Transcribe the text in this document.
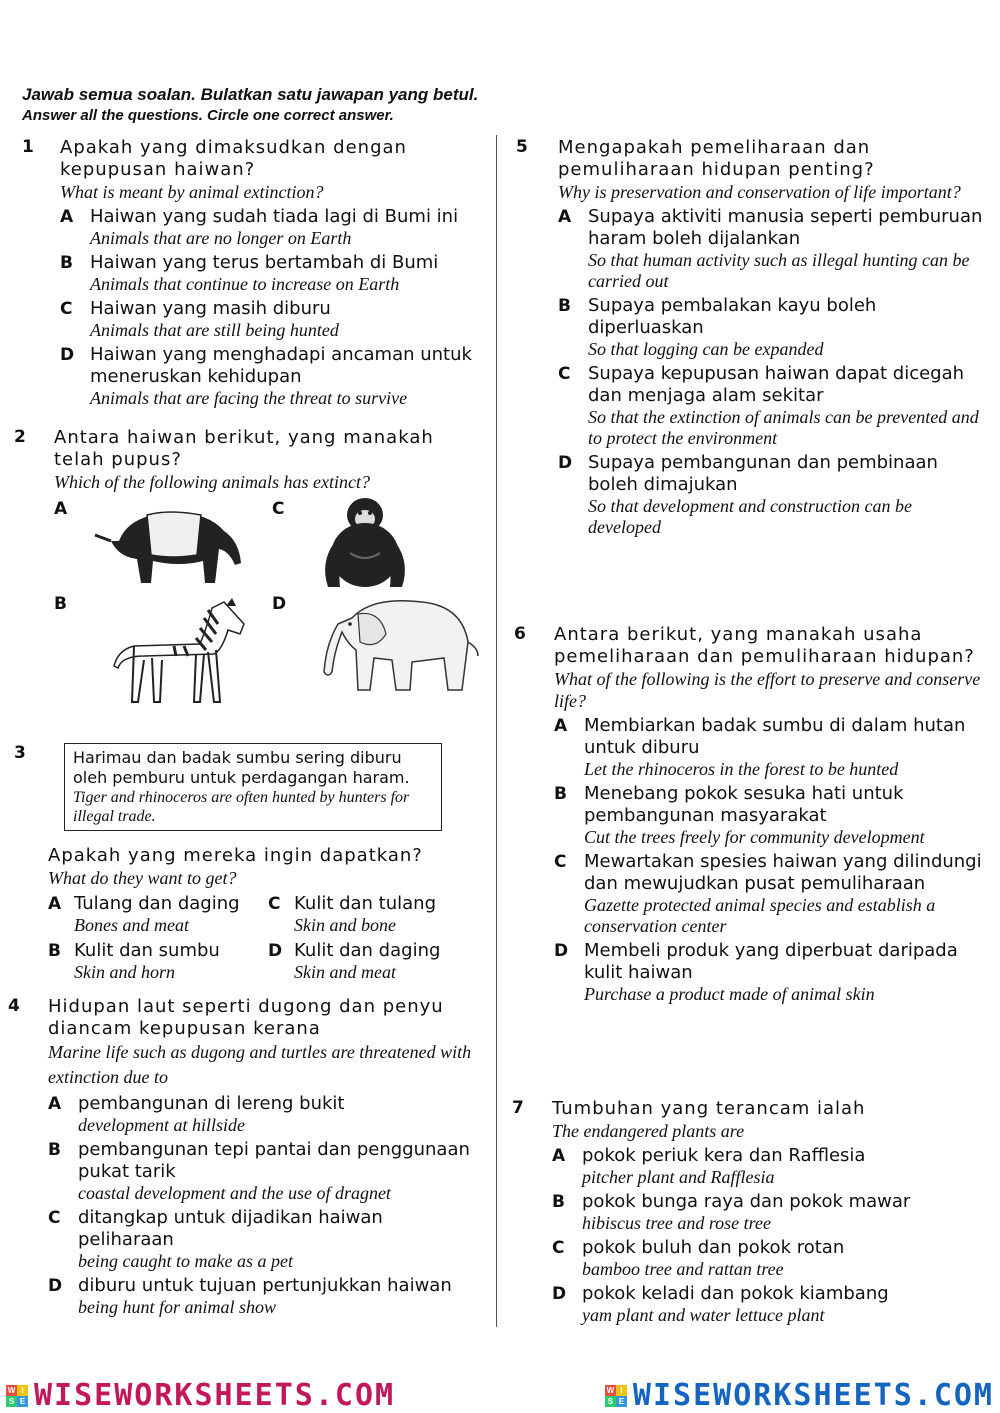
Jawab semua soalan. Bulatkan satu jawapan yang betul.
Answer all the questions. Circle one correct answer.
1 Apakah yang dimaksudkan dengan kepupusan haiwan?
What is meant by animal extinction?
A Haiwan yang sudah tiada lagi di Bumi ini
Animals that are no longer on Earth
B Haiwan yang terus bertambah di Bumi
Animals that continue to increase on Earth
C Haiwan yang masih diburu
Animals that are still being hunted
D Haiwan yang menghadapi ancaman untuk meneruskan kehidupan
Animals that are facing the threat to survive
2 Antara haiwan berikut, yang manakah telah pupus?
Which of the following animals has extinct?
A	C
B	D
3	Harimau dan badak sumbu sering diburu oleh pemburu untuk perdagangan haram.
Tiger and rhinoceros are often hunted by hunters for illegal trade.
Apakah yang mereka ingin dapatkan?
What do they want to get?
A Tulang dan daging
Bones and meat
C Kulit dan tulang
Skin and bone
B Kulit dan sumbu
Skin and horn
D Kulit dan daging
Skin and meat
4 Hidupan laut seperti dugong dan penyu diancam kepupusan kerana
Marine life such as dugong and turtles are threatened with extinction due to
A pembangunan di lereng bukit
development at hillside
B pembangunan tepi pantai dan penggunaan pukat tarik
coastal development and the use of dragnet
C ditangkap untuk dijadikan haiwan peliharaan
being caught to make as a pet
D diburu untuk tujuan pertunjukkan haiwan
being hunt for animal show
5 Mengapakah pemeliharaan dan pemuliharaan hidupan penting?
Why is preservation and conservation of life important?
A Supaya aktiviti manusia seperti pemburuan haram boleh dijalankan
So that human activity such as illegal hunting can be carried out
B Supaya pembalakan kayu boleh diperluaskan
So that logging can be expanded
C Supaya kepupusan haiwan dapat dicegah dan menjaga alam sekitar
So that the extinction of animals can be prevented and to protect the environment
D Supaya pembangunan dan pembinaan boleh dimajukan
So that development and construction can be developed
6 Antara berikut, yang manakah usaha pemeliharaan dan pemuliharaan hidupan?
What of the following is the effort to preserve and conserve life?
A Membiarkan badak sumbu di dalam hutan untuk diburu
Let the rhinoceros in the forest to be hunted
B Menebang pokok sesuka hati untuk pembangunan masyarakat
Cut the trees freely for community development
C Mewartakan spesies haiwan yang dilindungi dan mewujudkan pusat pemuliharaan
Gazette protected animal species and establish a conservation center
D Membeli produk yang diperbuat daripada kulit haiwan
Purchase a product made of animal skin
7 Tumbuhan yang terancam ialah
The endangered plants are
A pokok periuk kera dan Rafflesia
pitcher plant and Rafflesia
B pokok bunga raya dan pokok mawar
hibiscus tree and rose tree
C pokok buluh dan pokok rotan
bamboo tree and rattan tree
D pokok keladi dan pokok kiambang
yam plant and water lettuce plant
W I
S E WISEWORKSHEETS.COM	W I
S E WISEWORKSHEETS.COM
